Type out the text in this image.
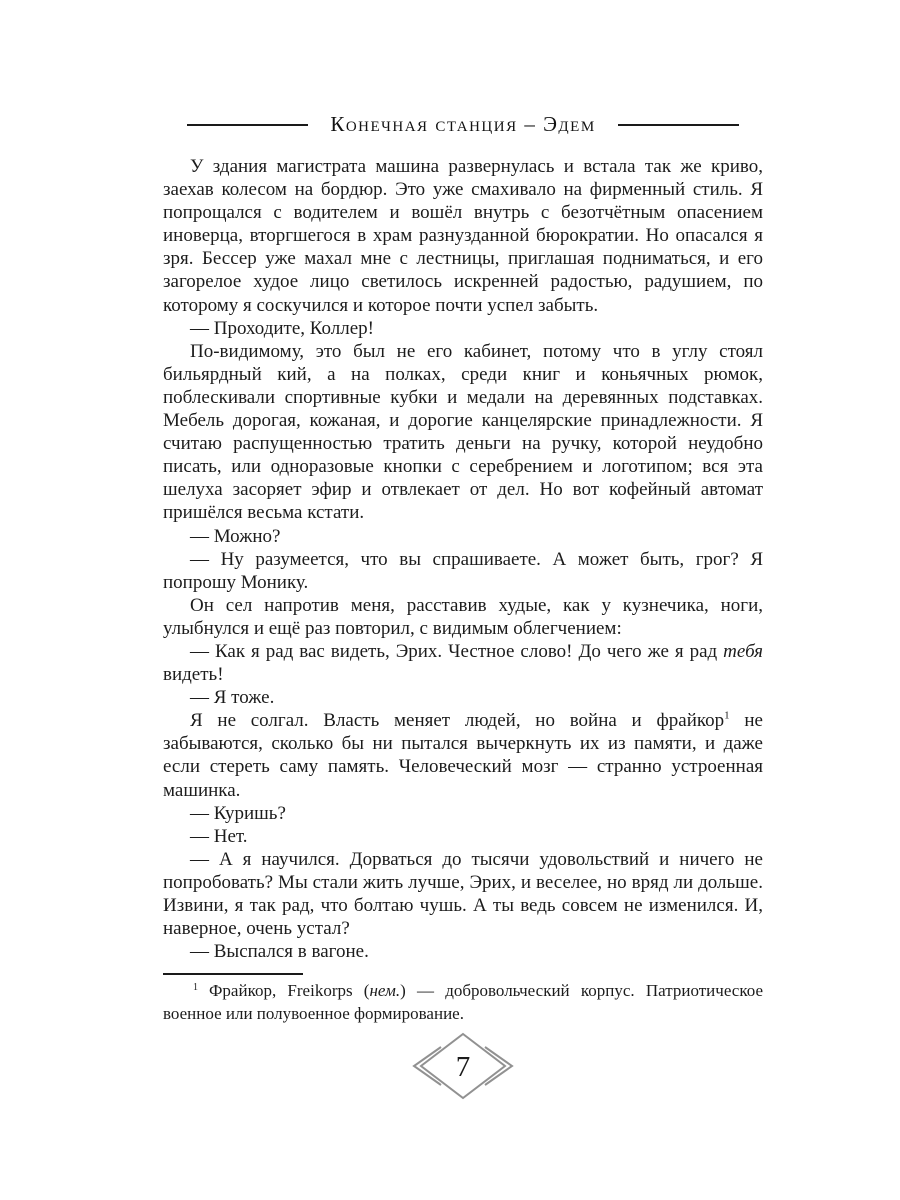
Конечная станция – Эдем

У здания магистрата машина развернулась и встала так же криво, заехав колесом на бордюр. Это уже смахивало на фирменный стиль. Я попрощался с водителем и вошёл внутрь с безотчётным опасением иноверца, вторгшегося в храм разнузданной бюрократии. Но опасался я зря. Бессер уже махал мне с лестницы, приглашая подниматься, и его загорелое худое лицо светилось искренней радостью, радушием, по которому я соскучился и которое почти успел забыть.

— Проходите, Коллер!

По-видимому, это был не его кабинет, потому что в углу стоял бильярдный кий, а на полках, среди книг и коньячных рюмок, поблескивали спортивные кубки и медали на деревянных подставках. Мебель дорогая, кожаная, и дорогие канцелярские принадлежности. Я считаю распущенностью тратить деньги на ручку, которой неудобно писать, или одноразовые кнопки с серебрением и логотипом; вся эта шелуха засоряет эфир и отвлекает от дел. Но вот кофейный автомат пришёлся весьма кстати.

— Можно?

— Ну разумеется, что вы спрашиваете. А может быть, грог? Я попрошу Монику.

Он сел напротив меня, расставив худые, как у кузнечика, ноги, улыбнулся и ещё раз повторил, с видимым облегчением:

— Как я рад вас видеть, Эрих. Честное слово! До чего же я рад тебя видеть!

— Я тоже.

Я не солгал. Власть меняет людей, но война и фрайкор$^1$ не забываются, сколько бы ни пытался вычеркнуть их из памяти, и даже если стереть саму память. Человеческий мозг — странно устроенная машинка.

— Куришь?

— Нет.

— А я научился. Дорваться до тысячи удовольствий и ничего не попробовать? Мы стали жить лучше, Эрих, и веселее, но вряд ли дольше. Извини, я так рад, что болтаю чушь. А ты ведь совсем не изменился. И, наверное, очень устал?

— Выспался в вагоне.

$^1$ Фрайкор, Freikorps (нем.) — добровольческий корпус. Патриотическое военное или полувоенное формирование.

7
